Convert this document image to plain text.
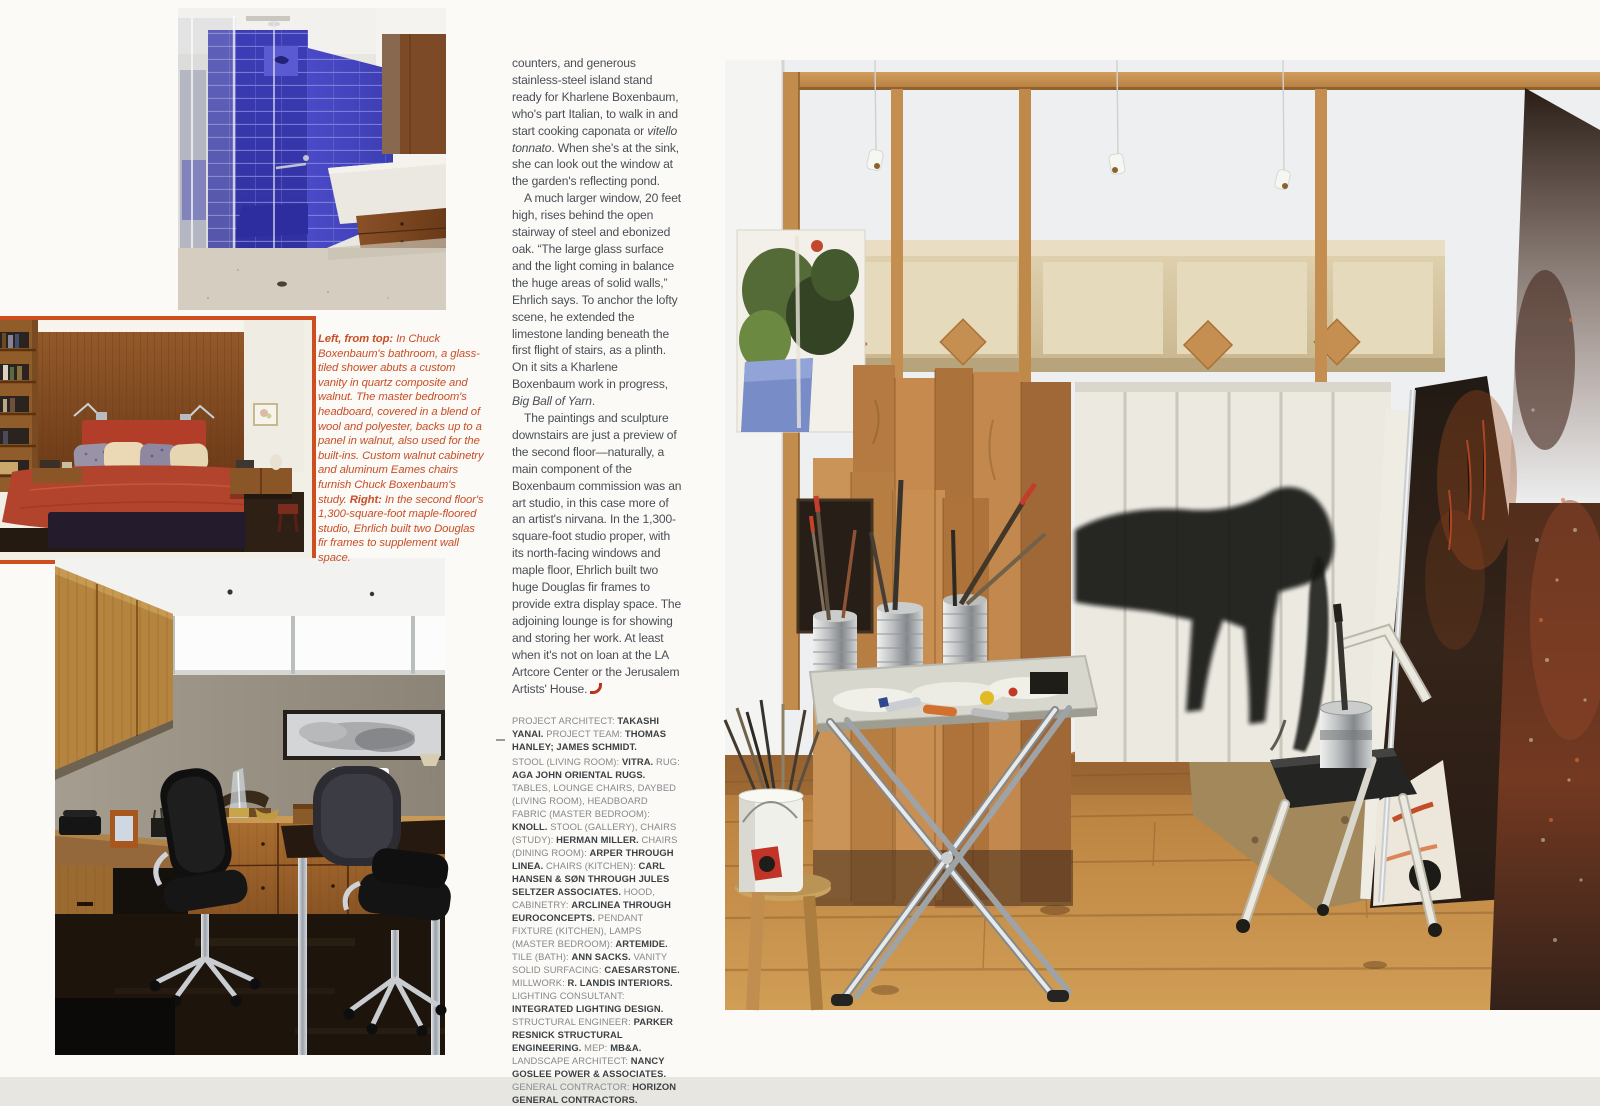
counters, and generous stainless-steel island stand ready for Kharlene Boxenbaum, who's part Italian, to walk in and start cooking caponata or vitello tonnato. When she's at the sink, she can look out the window at the garden's reflecting pond.

A much larger window, 20 feet high, rises behind the open stairway of steel and ebonized oak. “The large glass surface and the light coming in balance the huge areas of solid walls,” Ehrlich says. To anchor the lofty scene, he extended the limestone landing beneath the first flight of stairs, as a plinth. On it sits a Kharlene Boxenbaum work in progress, Big Ball of Yarn.

The paintings and sculpture downstairs are just a preview of the second floor—naturally, a main component of the Boxenbaum commission was an art studio, in this case more of an artist's nirvana. In the 1,300-square-foot studio proper, with its north-facing windows and maple floor, Ehrlich built two huge Douglas fir frames to provide extra display space. The adjoining lounge is for showing and storing her work. At least when it's not on loan at the LA Artcore Center or the Jerusalem Artists' House.

Left, from top: In Chuck Boxenbaum's bathroom, a glass-tiled shower abuts a custom vanity in quartz composite and walnut. The master bedroom's headboard, covered in a blend of wool and polyester, backs up to a panel in walnut, also used for the built-ins. Custom walnut cabinetry and aluminum Eames chairs furnish Chuck Boxenbaum's study. Right: In the second floor's 1,300-square-foot maple-floored studio, Ehrlich built two Douglas fir frames to supplement wall space.
PROJECT ARCHITECT: TAKASHI YANAI. PROJECT TEAM: THOMAS HANLEY; JAMES SCHMIDT.
STOOL (LIVING ROOM): VITRA. RUG: AGA JOHN ORIENTAL RUGS. TABLES, LOUNGE CHAIRS, DAYBED (LIVING ROOM), HEADBOARD FABRIC (MASTER BEDROOM): KNOLL. STOOL (GALLERY), CHAIRS (STUDY): HERMAN MILLER. CHAIRS (DINING ROOM): ARPER THROUGH LINEA. CHAIRS (KITCHEN): CARL HANSEN & SØN THROUGH JULES SELTZER ASSOCIATES. HOOD, CABINETRY: ARCLINEA THROUGH EUROCONCEPTS. PENDANT FIXTURE (KITCHEN), LAMPS (MASTER BEDROOM): ARTEMIDE. TILE (BATH): ANN SACKS. VANITY SOLID SURFACING: CAESARSTONE. MILLWORK: R. LANDIS INTERIORS. LIGHTING CONSULTANT: INTEGRATED LIGHTING DESIGN. STRUCTURAL ENGINEER: PARKER RESNICK STRUCTURAL ENGINEERING. MEP: MB&A. LANDSCAPE ARCHITECT: NANCY GOSLEE POWER & ASSOCIATES. GENERAL CONTRACTOR: HORIZON GENERAL CONTRACTORS.
